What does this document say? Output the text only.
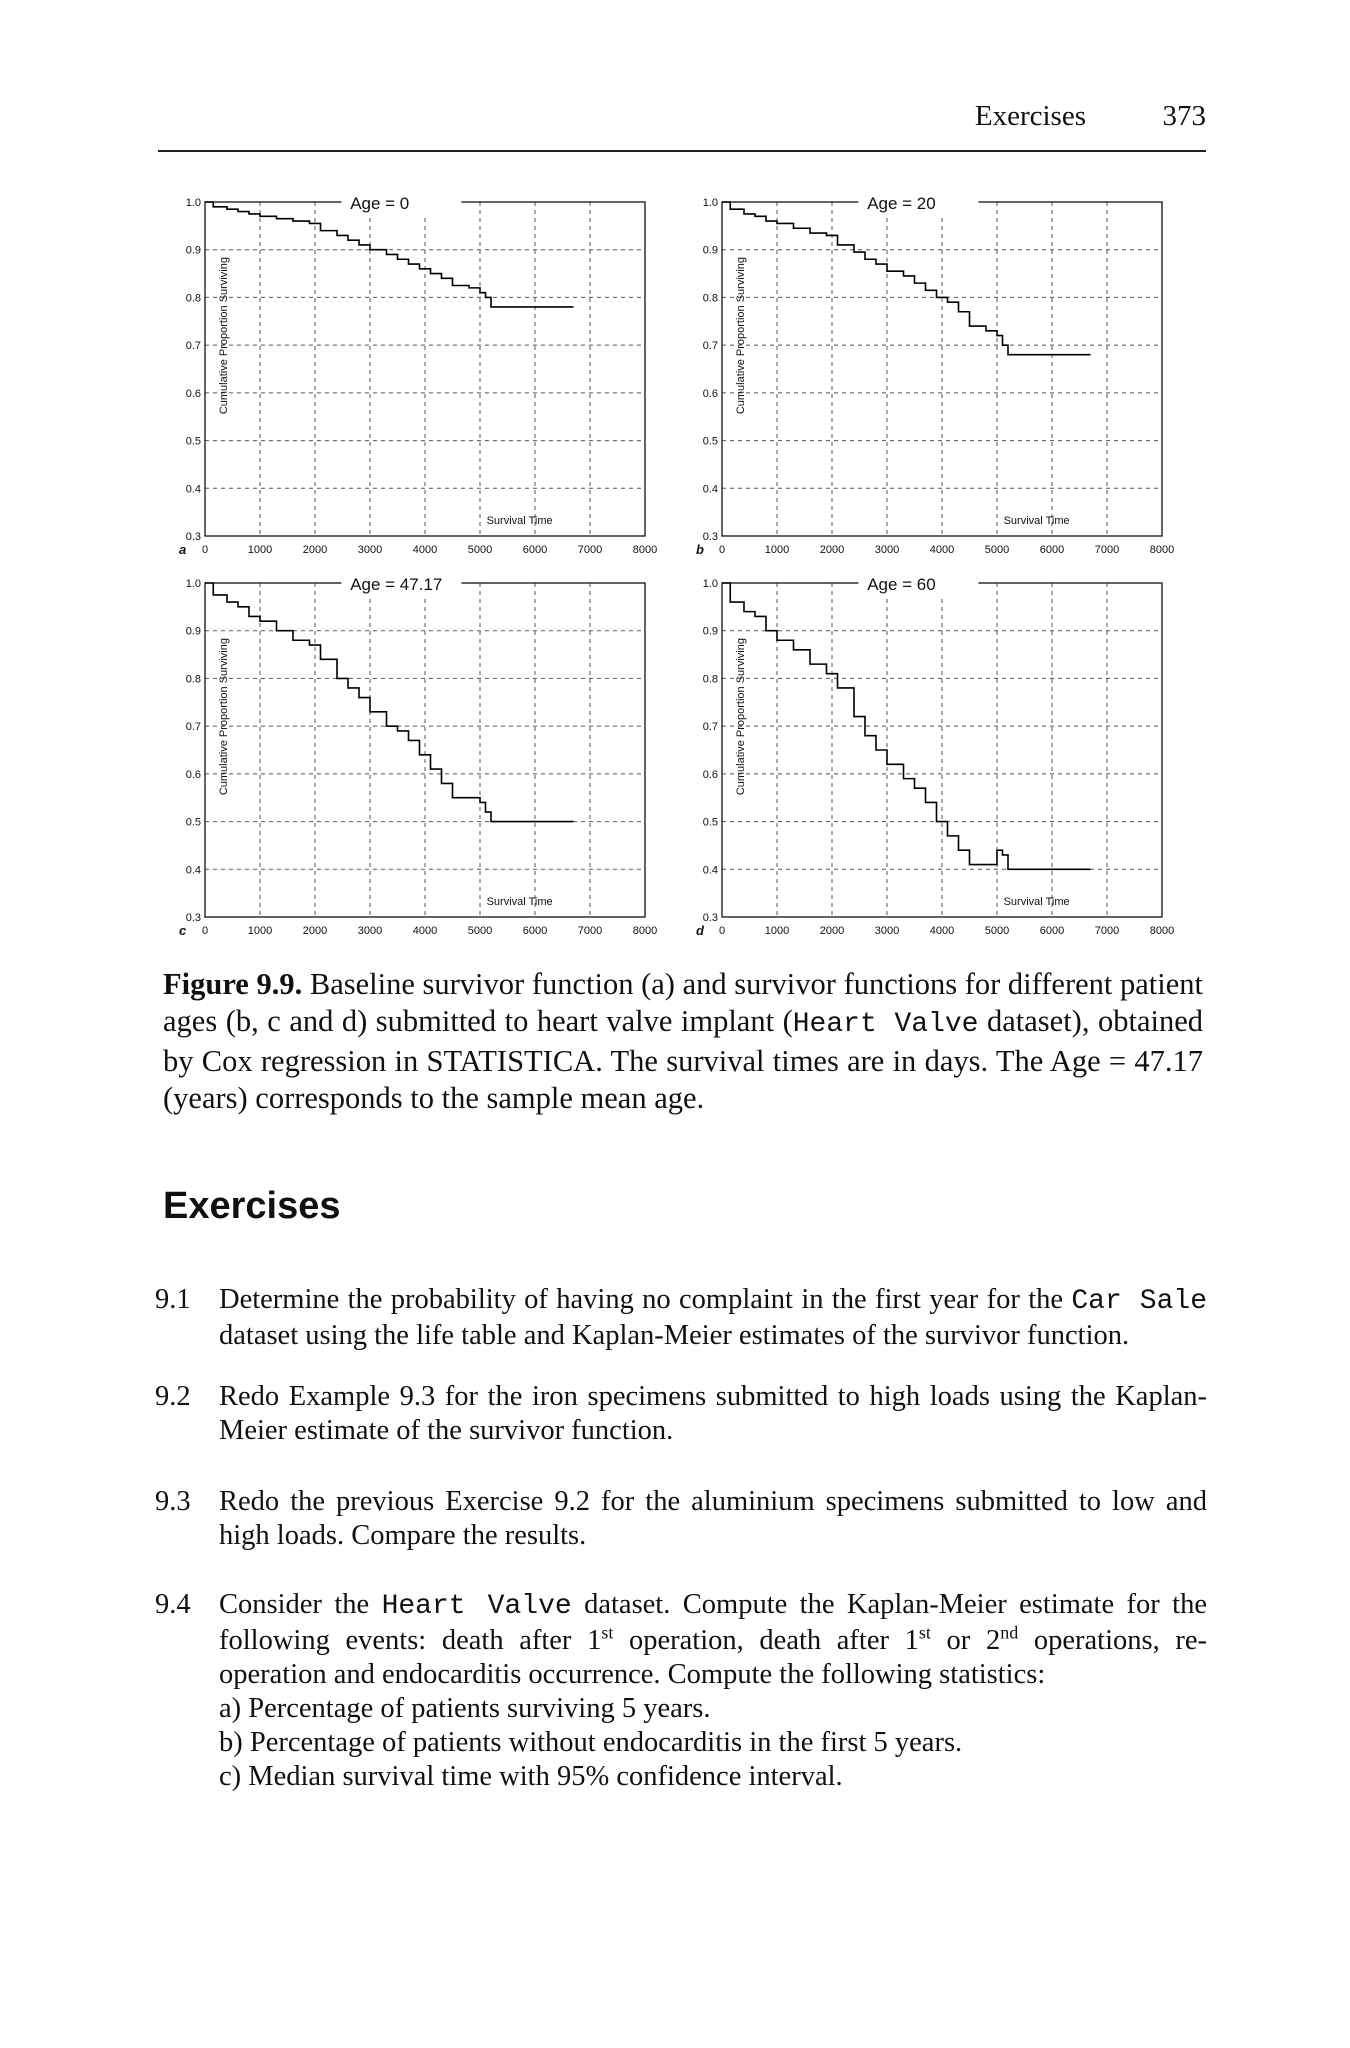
Exercises	373
0	1000	2000	3000	4000	5000	6000	7000	8000
0.3
0.4
0.5
0.6
0.7
0.8
0.9
1.0
a
Age = 0
Cumulative Proportion Surviving
Survival Time
0	1000	2000	3000	4000	5000	6000	7000	8000
0.3
0.4
0.5
0.6
0.7
0.8
0.9
1.0
b
Age = 20
Cumulative Proportion Surviving
Survival Time
0	1000	2000	3000	4000	5000	6000	7000	8000
0.3
0.4
0.5
0.6
0.7
0.8
0.9
1.0
c
Age = 47.17
Cumulative Proportion Surviving
Survival Time
0	1000	2000	3000	4000	5000	6000	7000	8000
0.3
0.4
0.5
0.6
0.7
0.8
0.9
1.0
d
Age = 60
Cumulative Proportion Surviving
Survival Time
Figure 9.9. Baseline survivor function (a) and survivor functions for different patient ages (b, c and d) submitted to heart valve implant (Heart Valve dataset), obtained by Cox regression in STATISTICA. The survival times are in days. The Age = 47.17 (years) corresponds to the sample mean age.
Exercises
9.1 Determine the probability of having no complaint in the first year for the Car Sale dataset using the life table and Kaplan-Meier estimates of the survivor function.
9.2 Redo Example 9.3 for the iron specimens submitted to high loads using the Kaplan-Meier estimate of the survivor function.
9.3 Redo the previous Exercise 9.2 for the aluminium specimens submitted to low and high loads. Compare the results.
9.4 Consider the Heart Valve dataset. Compute the Kaplan-Meier estimate for the following events: death after 1st operation, death after 1st or 2nd operations, re-operation and endocarditis occurrence. Compute the following statistics:
a) Percentage of patients surviving 5 years.
b) Percentage of patients without endocarditis in the first 5 years.
c) Median survival time with 95% confidence interval.
